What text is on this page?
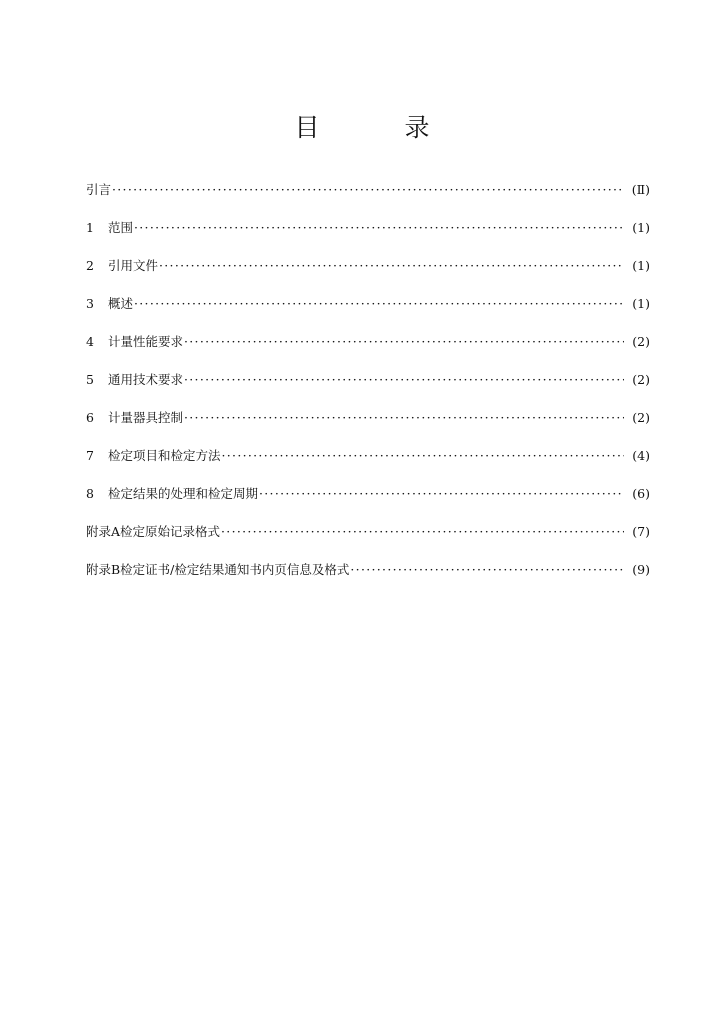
目　录
引言 ·····	(Ⅱ)
1	范围 ·····	(1)
2	引用文件 ·····	(1)
3	概述 ·····	(1)
4	计量性能要求 ·····	(2)
5	通用技术要求 ·····	(2)
6	计量器具控制 ·····	(2)
7	检定项目和检定方法 ·····	(4)
8	检定结果的处理和检定周期 ·····	(6)
附录A检定原始记录格式 ·····	(7)
附录B检定证书/检定结果通知书内页信息及格式 ·····	(9)
